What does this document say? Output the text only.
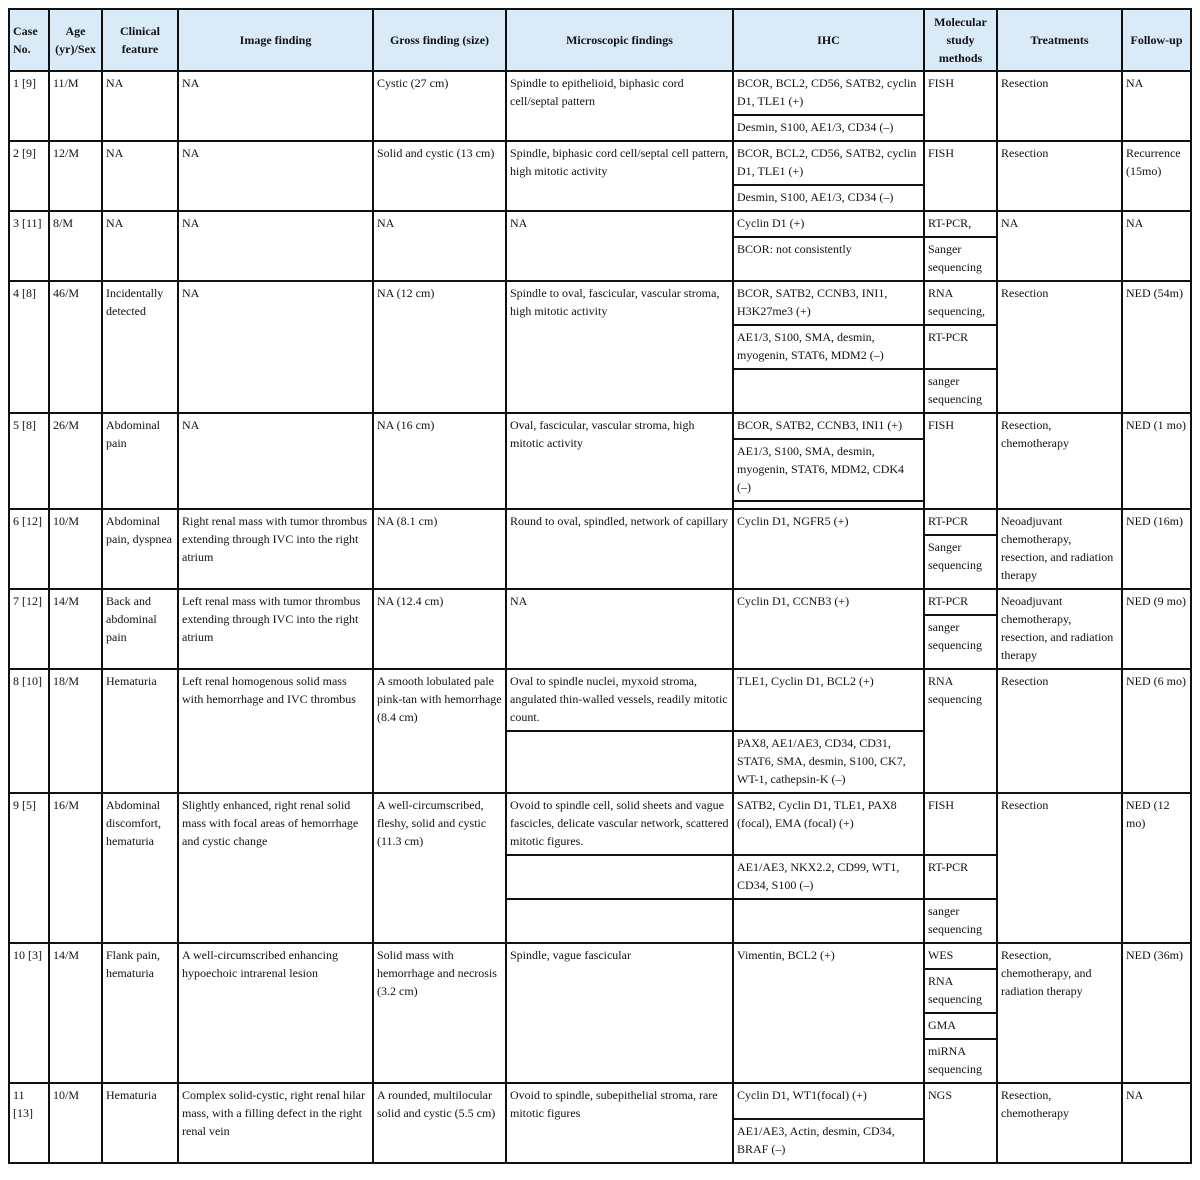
Case No.	Age (yr)/Sex	Clinical feature	Image finding	Gross finding (size)	Microscopic findings	IHC	Molecular study methods	Treatments	Follow-up
1 [9]	11/M	NA	NA	Cystic (27 cm)	Spindle to epithelioid, biphasic cord cell/septal pattern	BCOR, BCL2, CD56, SATB2, cyclin D1, TLE1 (+)	FISH	Resection	NA
						Desmin, S100, AE1/3, CD34 (–)			
2 [9]	12/M	NA	NA	Solid and cystic (13 cm)	Spindle, biphasic cord cell/septal cell pattern, high mitotic activity	BCOR, BCL2, CD56, SATB2, cyclin D1, TLE1 (+)	FISH	Resection	Recurrence (15mo)
						Desmin, S100, AE1/3, CD34 (–)			
3 [11]	8/M	NA	NA	NA	NA	Cyclin D1 (+)	RT-PCR,	NA	NA
						BCOR: not consistently	Sanger sequencing		
4 [8]	46/M	Incidentally detected	NA	NA (12 cm)	Spindle to oval, fascicular, vascular stroma, high mitotic activity	BCOR, SATB2, CCNB3, INI1, H3K27me3 (+)	RNA sequencing,	Resection	NED (54m)
						AE1/3, S100, SMA, desmin, myogenin, STAT6, MDM2 (–)	RT-PCR		
							sanger sequencing		
5 [8]	26/M	Abdominal pain	NA	NA (16 cm)	Oval, fascicular, vascular stroma, high mitotic activity	BCOR, SATB2, CCNB3, INI1 (+)	FISH	Resection, chemotherapy	NED (1 mo)
						AE1/3, S100, SMA, desmin, myogenin, STAT6, MDM2, CDK4 (–)			

6 [12]	10/M	Abdominal pain, dyspnea	Right renal mass with tumor thrombus extending through IVC into the right atrium	NA (8.1 cm)	Round to oval, spindled, network of capillary	Cyclin D1, NGFR5 (+)	RT-PCR	Neoadjuvant chemotherapy, resection, and radiation therapy	NED (16m)
							Sanger sequencing		
7 [12]	14/M	Back and abdominal pain	Left renal mass with tumor thrombus extending through IVC into the right atrium	NA (12.4 cm)	NA	Cyclin D1, CCNB3 (+)	RT-PCR	Neoadjuvant chemotherapy, resection, and radiation therapy	NED (9 mo)
							sanger sequencing		
8 [10]	18/M	Hematuria	Left renal homogenous solid mass with hemorrhage and IVC thrombus	A smooth lobulated pale pink-tan with hemorrhage (8.4 cm)	Oval to spindle nuclei, myxoid stroma, angulated thin-walled vessels, readily mitotic count.	TLE1, Cyclin D1, BCL2 (+)	RNA sequencing	Resection	NED (6 mo)
						PAX8, AE1/AE3, CD34, CD31, STAT6, SMA, desmin, S100, CK7, WT-1, cathepsin-K (–)			
9 [5]	16/M	Abdominal discomfort, hematuria	Slightly enhanced, right renal solid mass with focal areas of hemorrhage and cystic change	A well-circumscribed, fleshy, solid and cystic (11.3 cm)	Ovoid to spindle cell, solid sheets and vague fascicles, delicate vascular network, scattered mitotic figures.	SATB2, Cyclin D1, TLE1, PAX8 (focal), EMA (focal) (+)	FISH	Resection	NED (12 mo)
						AE1/AE3, NKX2.2, CD99, WT1, CD34, S100 (–)	RT-PCR		
							sanger sequencing		
10 [3]	14/M	Flank pain, hematuria	A well-circumscribed enhancing hypoechoic intrarenal lesion	Solid mass with hemorrhage and necrosis (3.2 cm)	Spindle, vague fascicular	Vimentin, BCL2 (+)	WES	Resection, chemotherapy, and radiation therapy	NED (36m)
							RNA sequencing		
							GMA		
							miRNA sequencing		
11 [13]	10/M	Hematuria	Complex solid-cystic, right renal hilar mass, with a filling defect in the right renal vein	A rounded, multilocular solid and cystic (5.5 cm)	Ovoid to spindle, subepithelial stroma, rare mitotic figures	Cyclin D1, WT1(focal) (+)	NGS	Resection, chemotherapy	NA
						AE1/AE3, Actin, desmin, CD34, BRAF (–)			
